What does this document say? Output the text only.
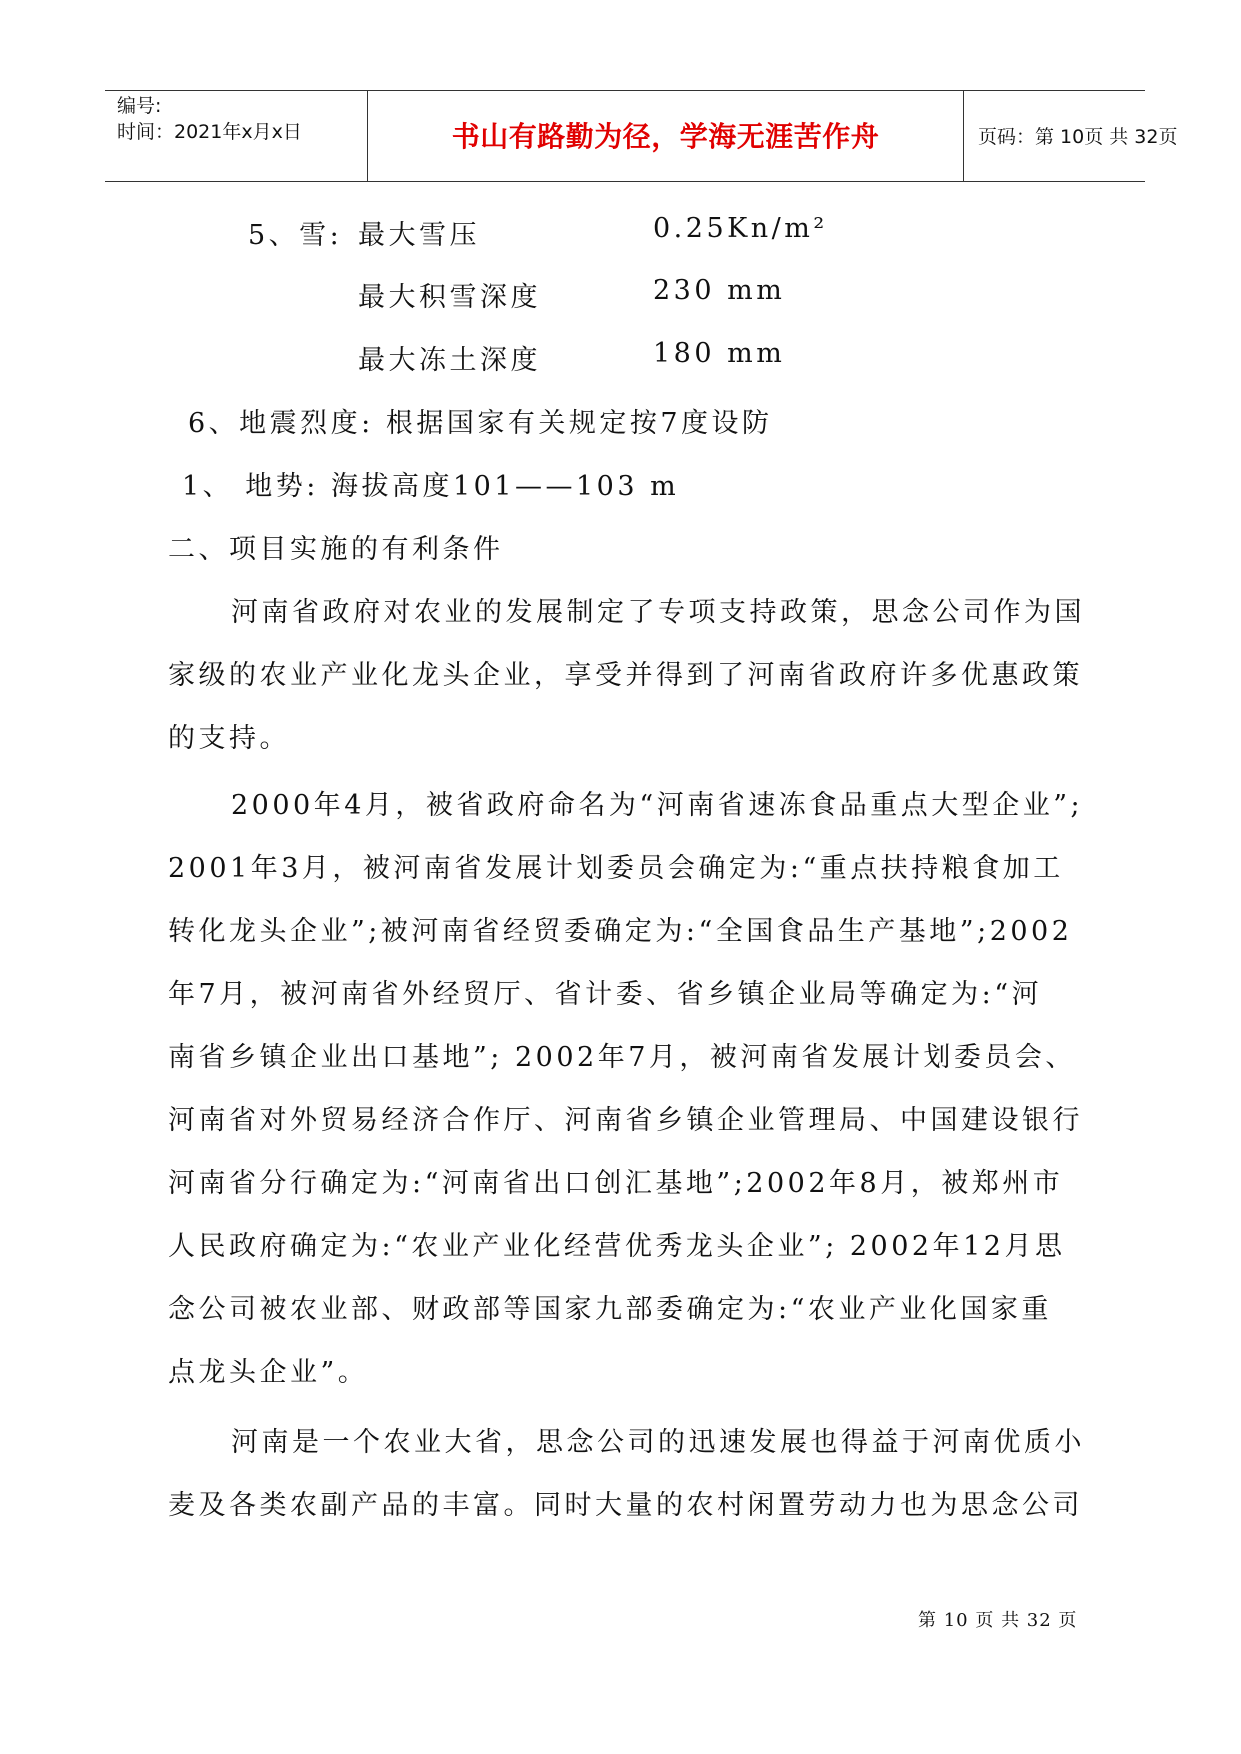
编号:
时间：2021年x月x日	书山有路勤为径，学海无涯苦作舟	页码：第 10页 共 32页
5、雪: 最大雪压	0.25Kn/m²
最大积雪深度	230 mm
最大冻土深度	180 mm
6、地震烈度: 根据国家有关规定按7度设防
1、 地势: 海拔高度101——103 m
二、项目实施的有利条件
河南省政府对农业的发展制定了专项支持政策，思念公司作为国
家级的农业产业化龙头企业，享受并得到了河南省政府许多优惠政策
的支持。
2000年4月，被省政府命名为“河南省速冻食品重点大型企业”;
2001年3月，被河南省发展计划委员会确定为:“重点扶持粮食加工
转化龙头企业”;被河南省经贸委确定为:“全国食品生产基地”;2002
年7月，被河南省外经贸厅、省计委、省乡镇企业局等确定为:“河
南省乡镇企业出口基地”; 2002年7月，被河南省发展计划委员会、
河南省对外贸易经济合作厅、河南省乡镇企业管理局、中国建设银行
河南省分行确定为:“河南省出口创汇基地”;2002年8月，被郑州市
人民政府确定为:“农业产业化经营优秀龙头企业”; 2002年12月思
念公司被农业部、财政部等国家九部委确定为:“农业产业化国家重
点龙头企业”。
河南是一个农业大省，思念公司的迅速发展也得益于河南优质小
麦及各类农副产品的丰富。同时大量的农村闲置劳动力也为思念公司
第 10 页 共 32 页
